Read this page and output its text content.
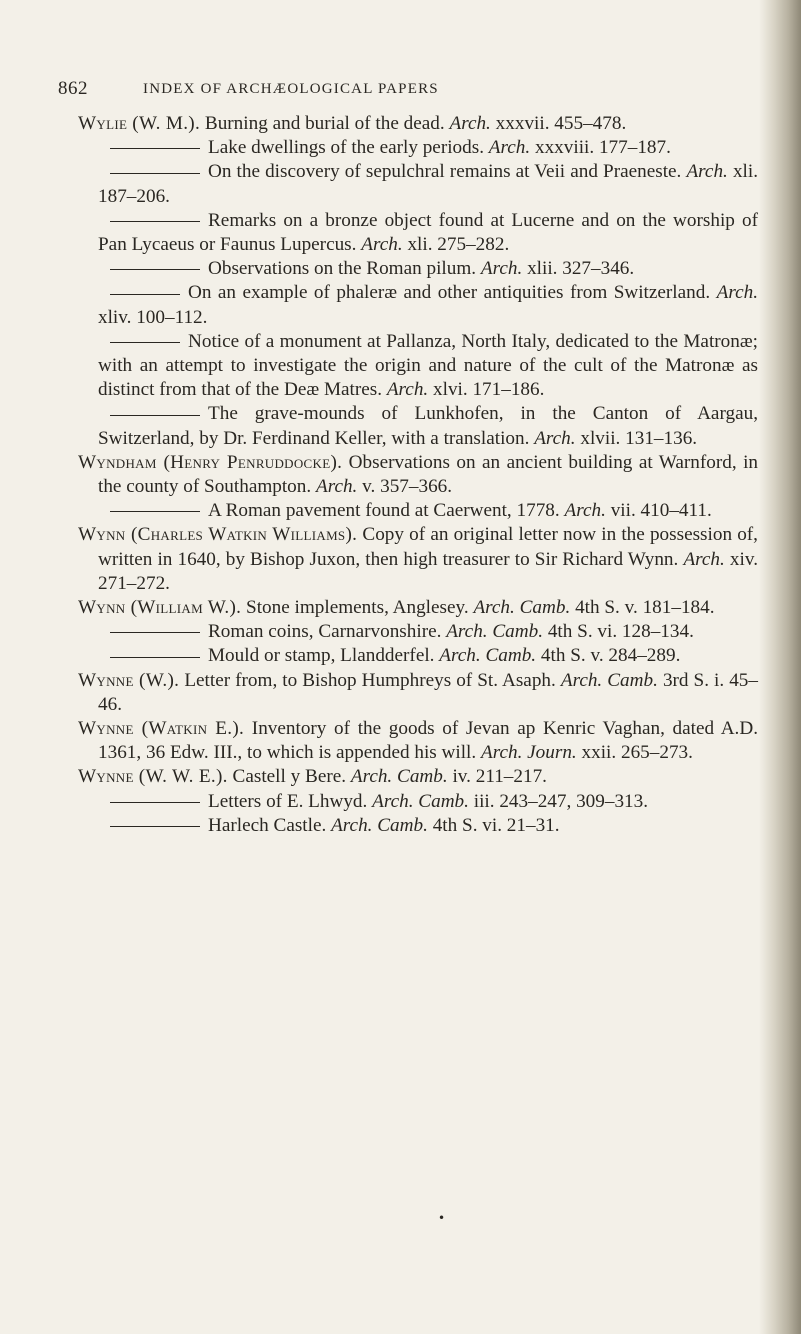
862	INDEX OF ARCHÆOLOGICAL PAPERS

Wylie (W. M.). Burning and burial of the dead. Arch. xxxvii. 455–478.

Lake dwellings of the early periods. Arch. xxxviii. 177–187.

On the discovery of sepulchral remains at Veii and Praeneste. Arch. xli. 187–206.

Remarks on a bronze object found at Lucerne and on the worship of Pan Lycaeus or Faunus Lupercus. Arch. xli. 275–282.

Observations on the Roman pilum. Arch. xlii. 327–346.

On an example of phaleræ and other antiquities from Switzerland. Arch. xliv. 100–112.

Notice of a monument at Pallanza, North Italy, dedicated to the Matronæ; with an attempt to investigate the origin and nature of the cult of the Matronæ as distinct from that of the Deæ Matres. Arch. xlvi. 171–186.

The grave-mounds of Lunkhofen, in the Canton of Aargau, Switzerland, by Dr. Ferdinand Keller, with a translation. Arch. xlvii. 131–136.

Wyndham (Henry Penruddocke). Observations on an ancient building at Warnford, in the county of Southampton. Arch. v. 357–366.

A Roman pavement found at Caerwent, 1778. Arch. vii. 410–411.

Wynn (Charles Watkin Williams). Copy of an original letter now in the possession of, written in 1640, by Bishop Juxon, then high treasurer to Sir Richard Wynn. Arch. xiv. 271–272.

Wynn (William W.). Stone implements, Anglesey. Arch. Camb. 4th S. v. 181–184.

Roman coins, Carnarvonshire. Arch. Camb. 4th S. vi. 128–134.

Mould or stamp, Llandderfel. Arch. Camb. 4th S. v. 284–289.

Wynne (W.). Letter from, to Bishop Humphreys of St. Asaph. Arch. Camb. 3rd S. i. 45–46.

Wynne (Watkin E.). Inventory of the goods of Jevan ap Kenric Vaghan, dated A.D. 1361, 36 Edw. III., to which is appended his will. Arch. Journ. xxii. 265–273.

Wynne (W. W. E.). Castell y Bere. Arch. Camb. iv. 211–217.

Letters of E. Lhwyd. Arch. Camb. iii. 243–247, 309–313.

Harlech Castle. Arch. Camb. 4th S. vi. 21–31.

•
